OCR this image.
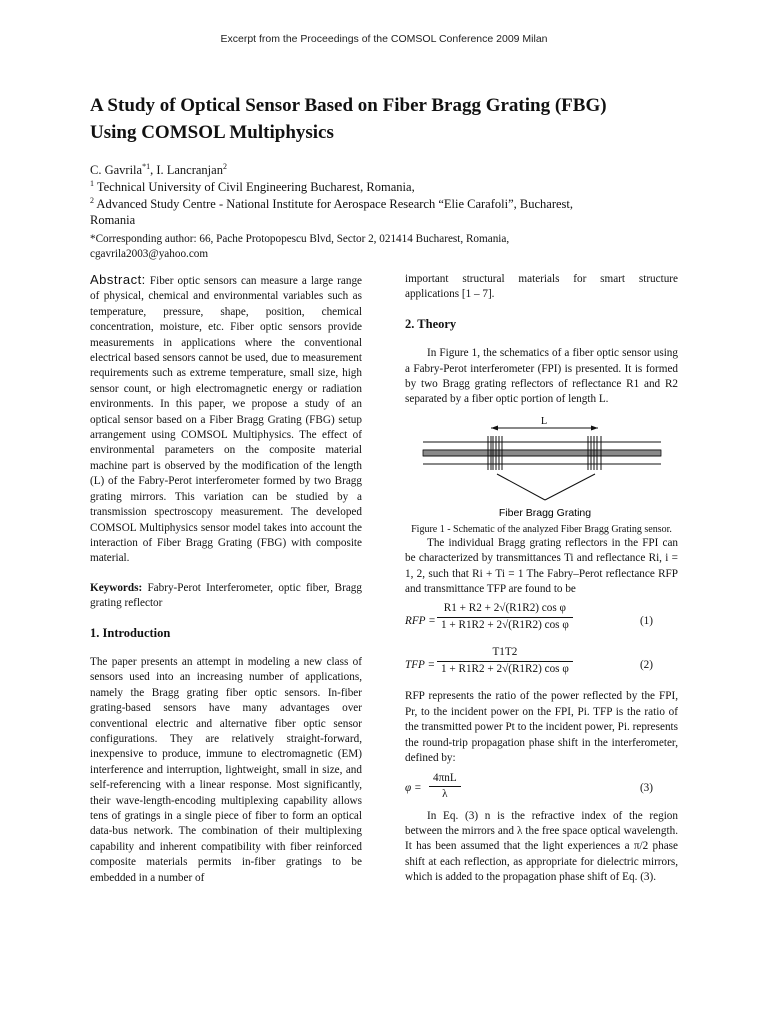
Excerpt from the Proceedings of the COMSOL Conference 2009 Milan
A Study of Optical Sensor Based on Fiber Bragg Grating (FBG)
Using COMSOL Multiphysics

C. Gavrila$^{*1}$, I. Lancranjan$^2$

$^1$ Technical University of Civil Engineering Bucharest, Romania,

$^2$ Advanced Study Centre - National Institute for Aerospace Research “Elie Carafoli”, Bucharest,

Romania

*Corresponding author: 66, Pache Protopopescu Blvd, Sector 2, 021414 Bucharest, Romania,
cgavrila2003@yahoo.com

Abstract: Fiber optic sensors can measure a large range of physical, chemical and environmental variables such as temperature, pressure, shape, position, chemical concentration, moisture, etc. Fiber optic sensors provide measurements in applications where the conventional electrical based sensors cannot be used, due to measurement requirements such as extreme temperature, small size, high sensor count, or high electromagnetic energy or radiation environments. In this paper, we propose a study of an optical sensor based on a Fiber Bragg Grating (FBG) setup arrangement using COMSOL Multiphysics. The effect of environmental parameters on the composite material machine part is observed by the modification of the length (L) of the Fabry-Perot interferometer formed by two Bragg grating mirrors. This variation can be studied by a transmission spectroscopy measurement. The developed COMSOL Multiphysics sensor model takes into account the interaction of Fiber Bragg Grating (FBG) with composite material.

Keywords: Fabry-Perot Interferometer, optic fiber, Bragg grating reflector

1. Introduction

The paper presents an attempt in modeling a new class of sensors used into an increasing number of applications, namely the Bragg grating fiber optic sensors. In-fiber grating-based sensors have many advantages over conventional electric and alternative fiber optic sensor configurations. They are relatively straight-forward, inexpensive to produce, immune to electromagnetic (EM) interference and interruption, lightweight, small in size, and self-referencing with a linear response. Most significantly, their wave-length-encoding multiplexing capability allows tens of gratings in a single piece of fiber to form an optical data-bus network. The combination of their multiplexing capability and inherent compatibility with fiber reinforced composite materials permits in-fiber gratings to be embedded in a number of

important structural materials for smart structure applications [1 – 7].

2. Theory

In Figure 1, the schematics of a fiber optic sensor using a Fabry-Perot interferometer (FPI) is presented. It is formed by two Bragg grating reflectors of reflectance R1 and R2 separated by a fiber optic portion of length L.

L
Fiber Bragg Grating

Figure 1 - Schematic of the analyzed Fiber Bragg Grating sensor.

The individual Bragg grating reflectors in the FPI can be characterized by transmittances Ti and reflectance Ri, i = 1, 2, such that Ri + Ti = 1 The Fabry–Perot reflectance RFP and transmittance TFP are found to be

RFP = $\frac{\text{R1 + R2 + 2√(R1R2) cos φ}}{\text{1 + R1R2 + 2√(R1R2) cos φ}}$	(1)
TFP = $\frac{T1T2}{\text{1 + R1R2 + 2√(R1R2) cos φ}}$	(2)

RFP represents the ratio of the power reflected by the FPI, Pr, to the incident power on the FPI, Pi. TFP is the ratio of the transmitted power Pt to the incident power, Pi. represents the round-trip propagation phase shift in the interferometer, defined by:

φ =
4πnL
λ
(3)

In Eq. (3) n is the refractive index of the region between the mirrors and λ the free space optical wavelength. It has been assumed that the light experiences a π/2 phase shift at each reflection, as appropriate for dielectric mirrors, which is added to the propagation phase shift of Eq. (3).
